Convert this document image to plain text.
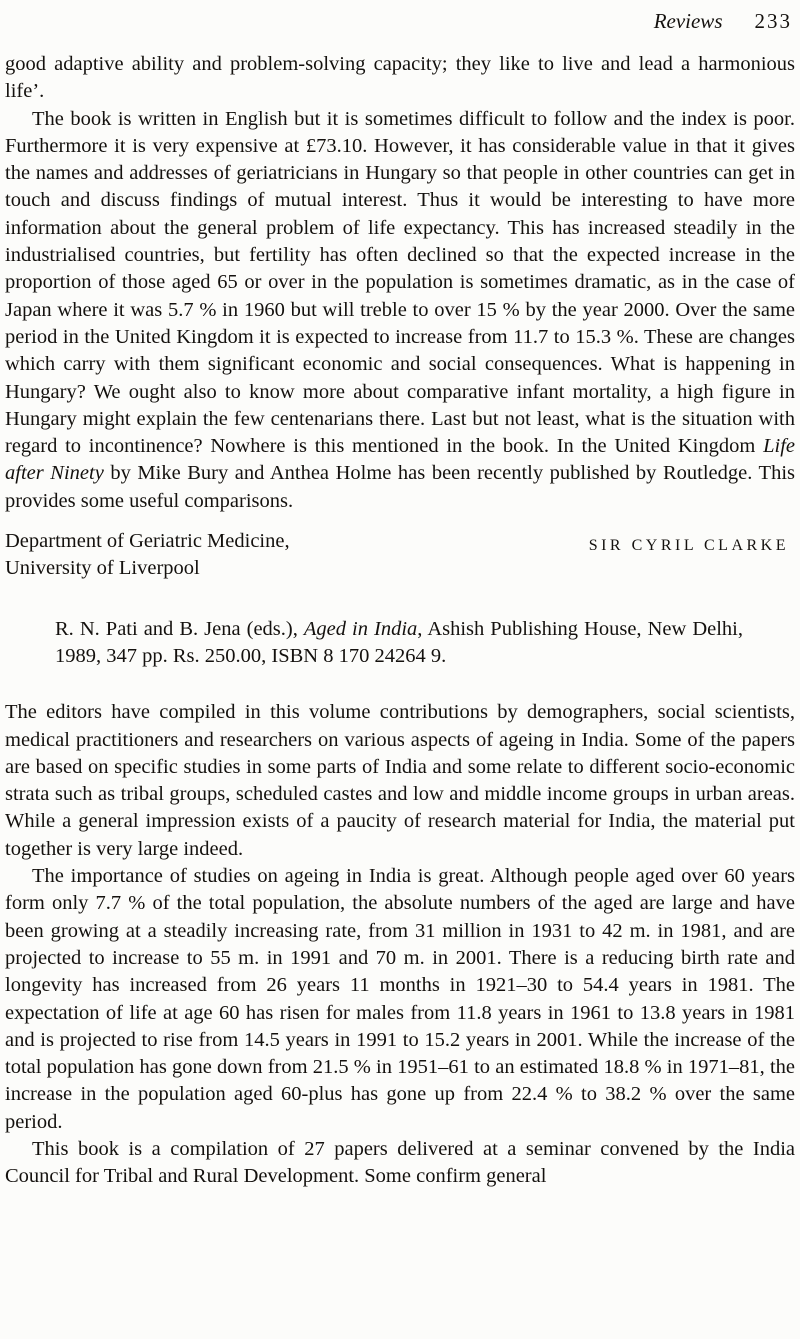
Reviews 233

good adaptive ability and problem-solving capacity; they like to live and lead a harmonious life’.

The book is written in English but it is sometimes difficult to follow and the index is poor. Furthermore it is very expensive at £73.10. However, it has considerable value in that it gives the names and addresses of geriatricians in Hungary so that people in other countries can get in touch and discuss findings of mutual interest. Thus it would be interesting to have more information about the general problem of life expectancy. This has increased steadily in the industrialised countries, but fertility has often declined so that the expected increase in the proportion of those aged 65 or over in the population is sometimes dramatic, as in the case of Japan where it was 5.7 % in 1960 but will treble to over 15 % by the year 2000. Over the same period in the United Kingdom it is expected to increase from 11.7 to 15.3 %. These are changes which carry with them significant economic and social consequences. What is happening in Hungary? We ought also to know more about comparative infant mortality, a high figure in Hungary might explain the few centenarians there. Last but not least, what is the situation with regard to incontinence? Nowhere is this mentioned in the book. In the United Kingdom Life after Ninety by Mike Bury and Anthea Holme has been recently published by Routledge. This provides some useful comparisons.

Department of Geriatric Medicine,
University of Liverpool
SIR CYRIL CLARKE

R. N. Pati and B. Jena (eds.), Aged in India, Ashish Publishing House, New Delhi, 1989, 347 pp. Rs. 250.00, ISBN 8 170 24264 9.

The editors have compiled in this volume contributions by demographers, social scientists, medical practitioners and researchers on various aspects of ageing in India. Some of the papers are based on specific studies in some parts of India and some relate to different socio-economic strata such as tribal groups, scheduled castes and low and middle income groups in urban areas. While a general impression exists of a paucity of research material for India, the material put together is very large indeed.

The importance of studies on ageing in India is great. Although people aged over 60 years form only 7.7 % of the total population, the absolute numbers of the aged are large and have been growing at a steadily increasing rate, from 31 million in 1931 to 42 m. in 1981, and are projected to increase to 55 m. in 1991 and 70 m. in 2001. There is a reducing birth rate and longevity has increased from 26 years 11 months in 1921–30 to 54.4 years in 1981. The expectation of life at age 60 has risen for males from 11.8 years in 1961 to 13.8 years in 1981 and is projected to rise from 14.5 years in 1991 to 15.2 years in 2001. While the increase of the total population has gone down from 21.5 % in 1951–61 to an estimated 18.8 % in 1971–81, the increase in the population aged 60-plus has gone up from 22.4 % to 38.2 % over the same period.

This book is a compilation of 27 papers delivered at a seminar convened by the India Council for Tribal and Rural Development. Some confirm general
